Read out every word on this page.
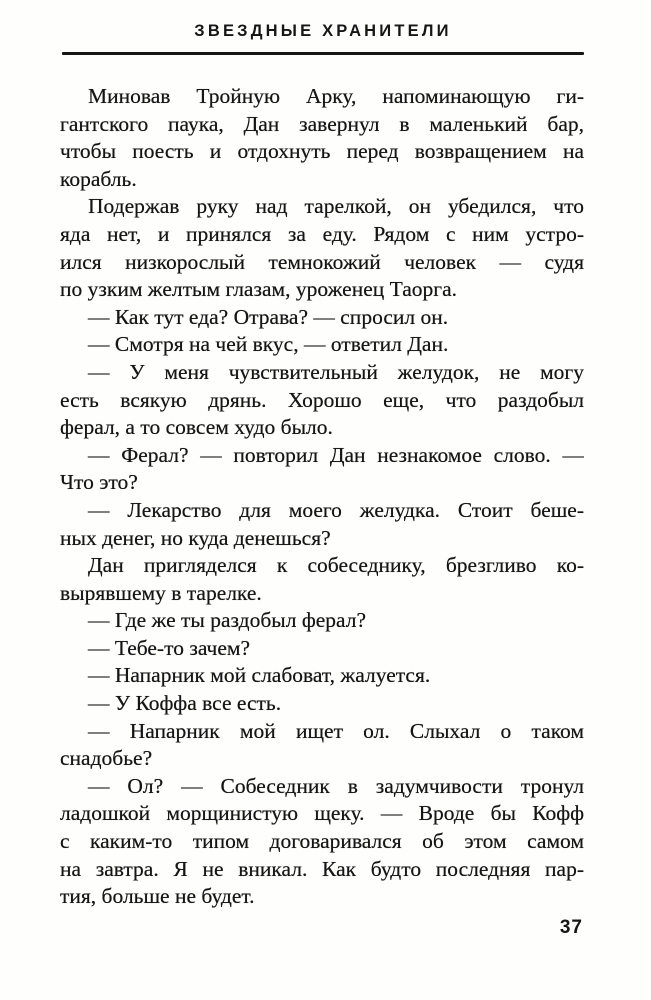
ЗВЕЗДНЫЕ ХРАНИТЕЛИ
Миновав Тройную Арку, напоминающую ги-
гантского паука, Дан завернул в маленький бар,
чтобы поесть и отдохнуть перед возвращением на
корабль.
Подержав руку над тарелкой, он убедился, что
яда нет, и принялся за еду. Рядом с ним устро-
ился низкорослый темнокожий человек — судя
по узким желтым глазам, уроженец Таорга.
— Как тут еда? Отрава? — спросил он.
— Смотря на чей вкус, — ответил Дан.
— У меня чувствительный желудок, не могу
есть всякую дрянь. Хорошо еще, что раздобыл
ферал, а то совсем худо было.
— Ферал? — повторил Дан незнакомое слово. —
Что это?
— Лекарство для моего желудка. Стоит беше-
ных денег, но куда денешься?
Дан пригляделся к собеседнику, брезгливо ко-
вырявшему в тарелке.
— Где же ты раздобыл ферал?
— Тебе-то зачем?
— Напарник мой слабоват, жалуется.
— У Коффа все есть.
— Напарник мой ищет ол. Слыхал о таком
снадобье?
— Ол? — Собеседник в задумчивости тронул
ладошкой морщинистую щеку. — Вроде бы Кофф
с каким-то типом договаривался об этом самом
на завтра. Я не вникал. Как будто последняя пар-
тия, больше не будет.
37
